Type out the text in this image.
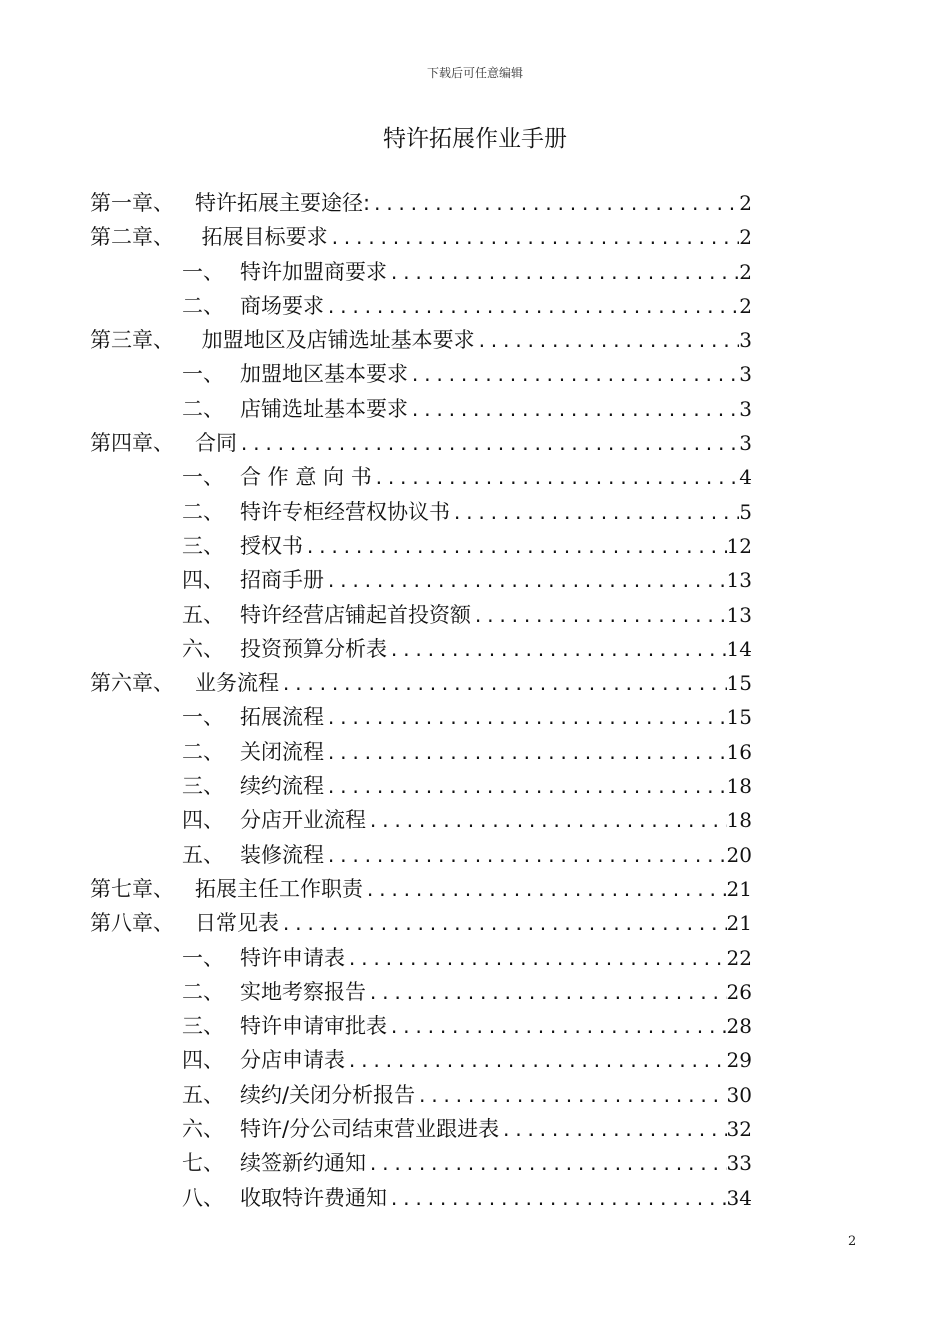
下载后可任意编辑
特许拓展作业手册
第一章、	特许拓展主要途径: .....	2
第二章、	拓展目标要求 .....	2
一、 特许加盟商要求 .....	2
二、 商场要求 .....	2
第三章、	加盟地区及店铺选址基本要求 .....	3
一、 加盟地区基本要求 .....	3
二、 店铺选址基本要求 .....	3
第四章、	合同 .....	3
一、 合 作 意 向 书 .....	4
二、 特许专柜经营权协议书 .....	5
三、 授权书 .....	12
四、 招商手册 .....	13
五、 特许经营店铺起首投资额 .....	13
六、 投资预算分析表 .....	14
第六章、	业务流程 .....	15
一、 拓展流程 .....	15
二、 关闭流程 .....	16
三、 续约流程 .....	18
四、 分店开业流程 .....	18
五、 装修流程 .....	20
第七章、	拓展主任工作职责 .....	21
第八章、	日常见表 .....	21
一、 特许申请表 .....	22
二、 实地考察报告 .....	26
三、 特许申请审批表 .....	28
四、 分店申请表 .....	29
五、 续约/关闭分析报告 .....	30
六、 特许/分公司结束营业跟进表 .....	32
七、 续签新约通知 .....	33
八、 收取特许费通知 .....	34
2
